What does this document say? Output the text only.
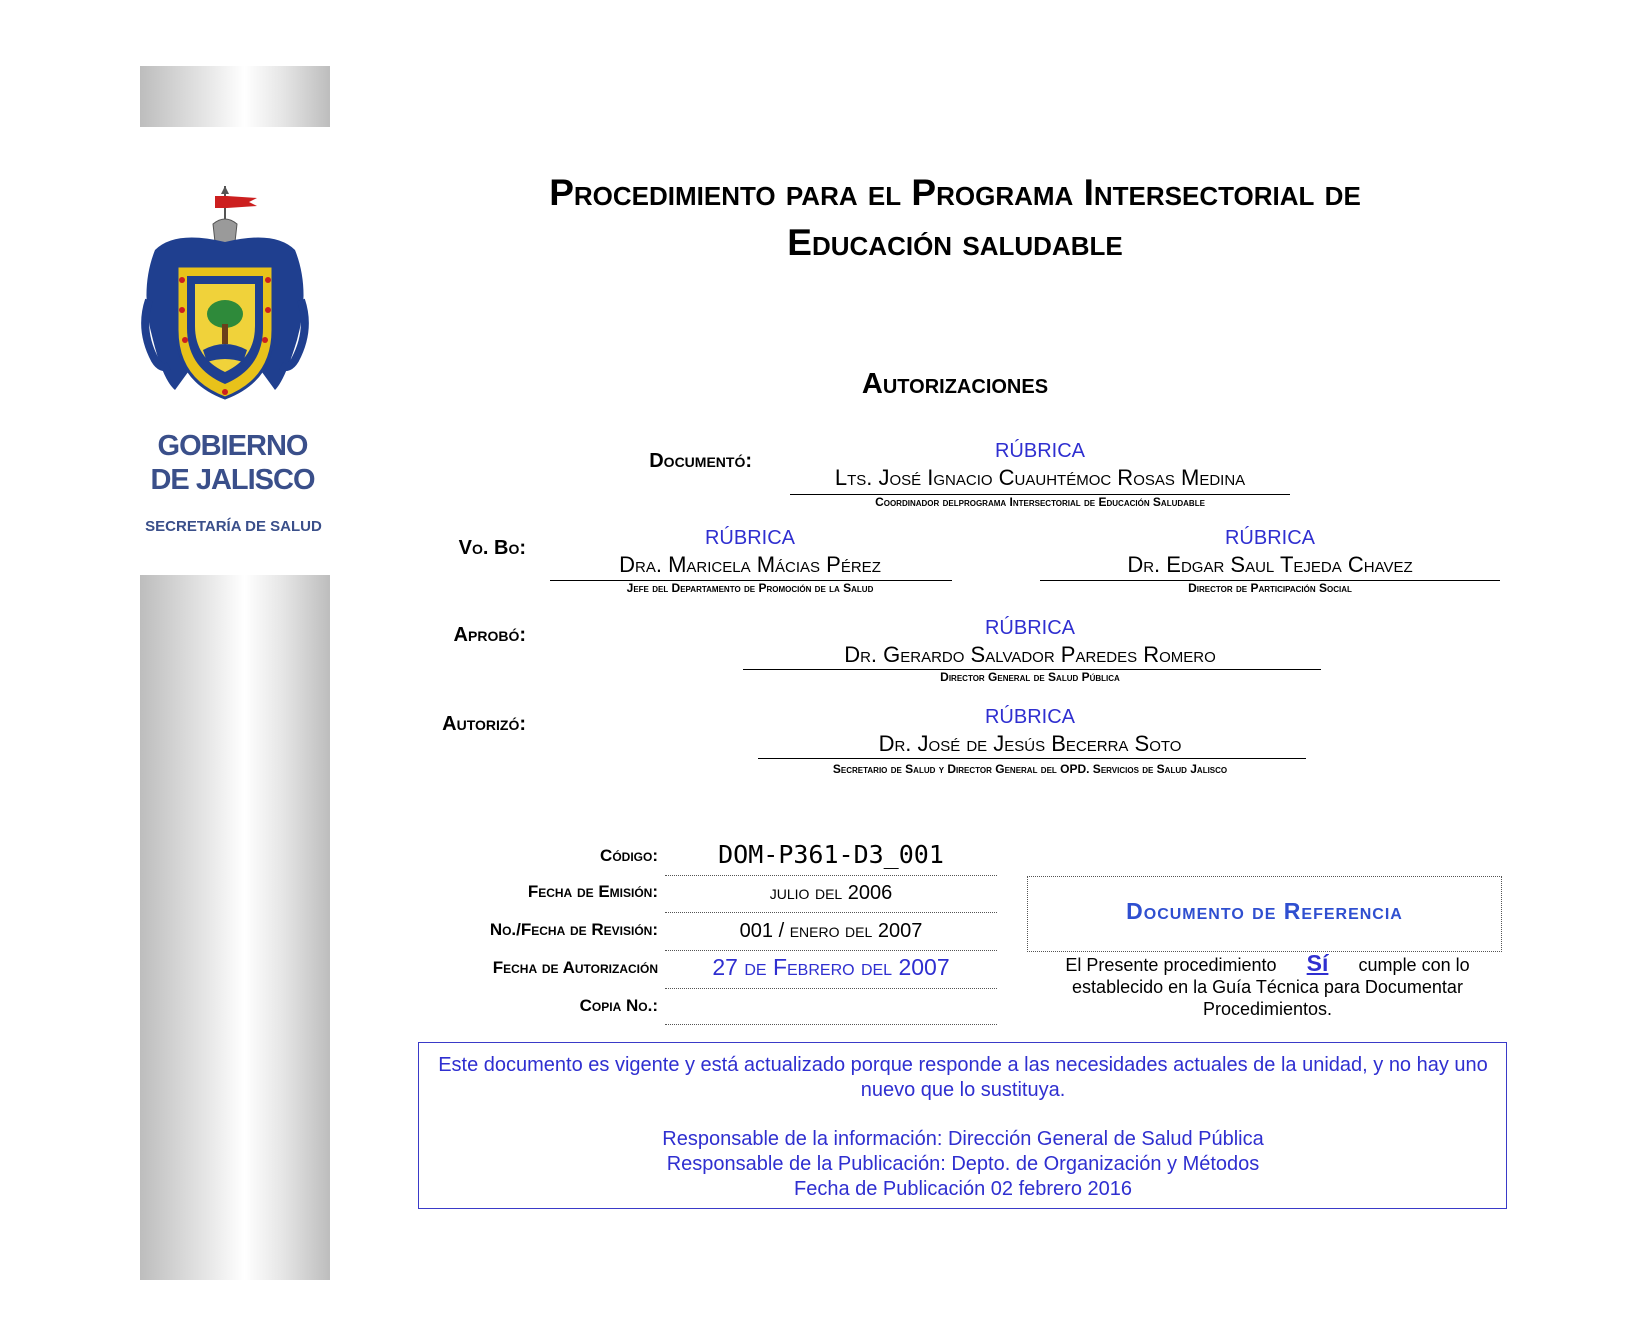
GOBIERNO
DE JALISCO
SECRETARÍA DE SALUD
Procedimiento para el Programa Intersectorial de
Educación saludable
Autorizaciones
Documentó:	RÚBRICA
Lts. José Ignacio Cuauhtémoc Rosas Medina
Coordinador delprograma Intersectorial de Educación Saludable
Vo. Bo:	RÚBRICA
Dra. Maricela Mácias Pérez
Jefe del Departamento de Promoción de la Salud
RÚBRICA
Dr. Edgar Saul Tejeda Chavez
Director de Participación Social
Aprobó:	RÚBRICA
Dr. Gerardo Salvador Paredes Romero
Director General de Salud Pública
Autorizó:	RÚBRICA
Dr. José de Jesús Becerra Soto
Secretario de Salud y Director General del OPD. Servicios de Salud Jalisco
Código:	DOM-P361-D3_001
Fecha de Emisión:	julio del 2006
No./Fecha de Revisión:	001 / enero del 2007
Fecha de Autorización	27 de Febrero del 2007
Copia No.:
Documento de Referencia
El Presente procedimiento Sí cumple con lo establecido en la Guía Técnica para Documentar Procedimientos.
Este documento es vigente y está actualizado porque responde a las necesidades actuales de la unidad, y no hay uno nuevo que lo sustituya.
Responsable de la información: Dirección General de Salud Pública
Responsable de la Publicación: Depto. de Organización y Métodos
Fecha de Publicación 02 febrero 2016
